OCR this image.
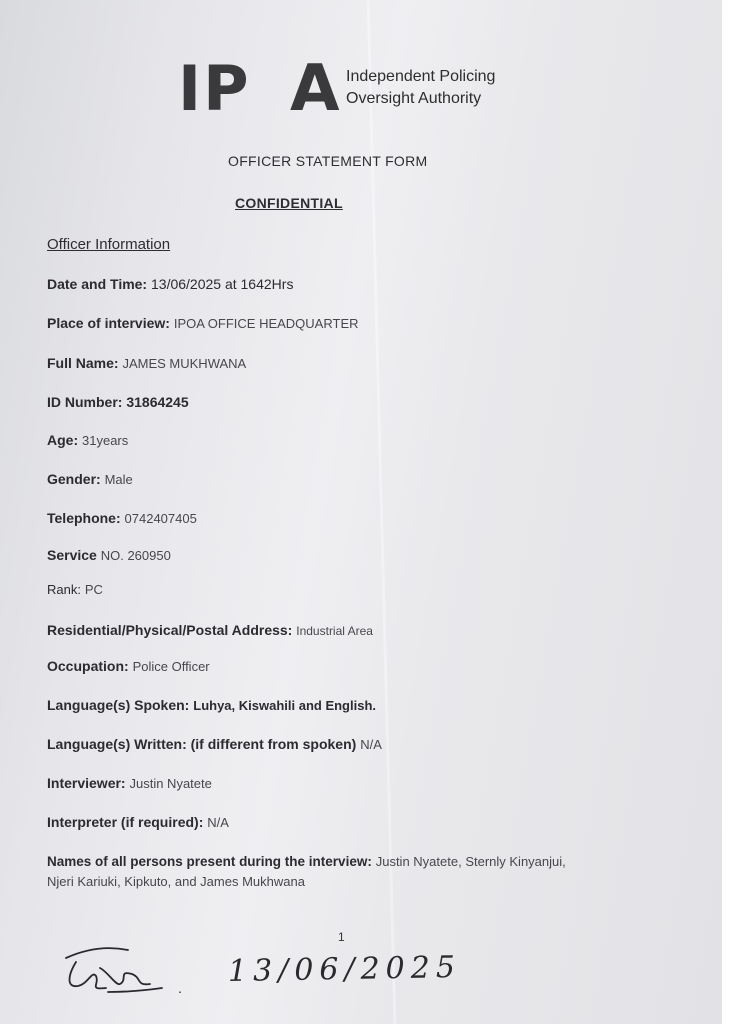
IP A Independent Policing
Oversight Authority
OFFICER STATEMENT FORM
CONFIDENTIAL
Officer Information
Date and Time: 13/06/2025 at 1642Hrs
Place of interview: IPOA OFFICE HEADQUARTER
Full Name: JAMES MUKHWANA
ID Number: 31864245
Age: 31years
Gender: Male
Telephone: 0742407405
Service NO. 260950
Rank: PC
Residential/Physical/Postal Address: Industrial Area
Occupation: Police Officer
Language(s) Spoken: Luhya, Kiswahili and English.
Language(s) Written: (if different from spoken) N/A
Interviewer: Justin Nyatete
Interpreter (if required): N/A
Names of all persons present during the interview: Justin Nyatete, Sternly Kinyanjui,
Njeri Kariuki, Kipkuto, and James Mukhwana
1
. 13/06/2025
